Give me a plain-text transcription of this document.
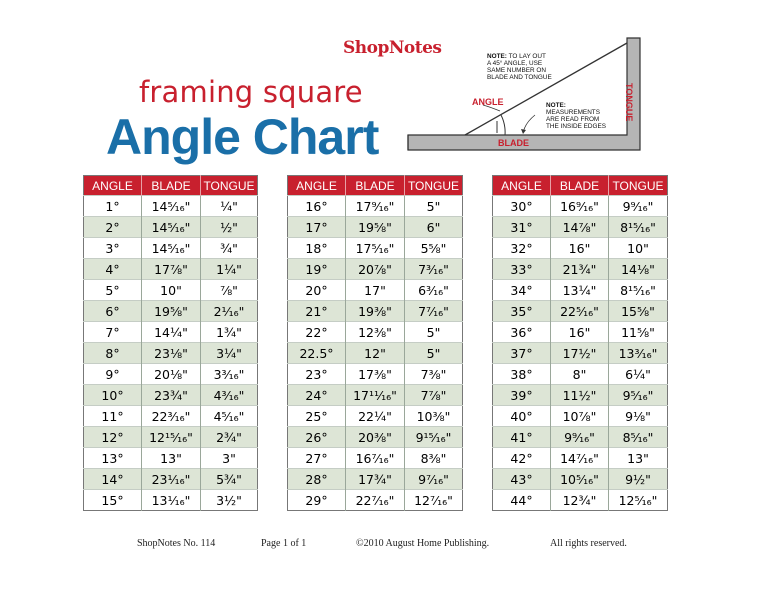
ShopNotes
framing square
Angle Chart
NOTE: TO LAY OUT
A 45° ANGLE, USE
SAME NUMBER ON
BLADE AND TONGUE
ANGLE	NOTE:
MEASUREMENTS
ARE READ FROM
THE INSIDE EDGES
BLADE
TONGUE
ANGLE	BLADE	TONGUE
1°	14⁵⁄₁₆"	¼"
2°	14⁵⁄₁₆"	½"
3°	14⁵⁄₁₆"	¾"
4°	17⅞"	1¼"
5°	10"	⅞"
6°	19⅝"	2¹⁄₁₆"
7°	14¼"	1¾"
8°	23⅛"	3¼"
9°	20⅛"	3³⁄₁₆"
10°	23¾"	4³⁄₁₆"
11°	22³⁄₁₆"	4⁵⁄₁₆"
12°	12¹⁵⁄₁₆"	2¾"
13°	13"	3"
14°	23¹⁄₁₆"	5¾"
15°	13¹⁄₁₆"	3½"
ANGLE	BLADE	TONGUE
16°	17⁹⁄₁₆"	5"
17°	19⅝"	6"
18°	17⁵⁄₁₆"	5⅝"
19°	20⅞"	7³⁄₁₆"
20°	17"	6³⁄₁₆"
21°	19⅜"	7⁷⁄₁₆"
22°	12⅜"	5"
22.5°	12"	5"
23°	17⅜"	7⅜"
24°	17¹¹⁄₁₆"	7⅞"
25°	22¼"	10⅜"
26°	20⅜"	9¹⁵⁄₁₆"
27°	16⁷⁄₁₆"	8⅜"
28°	17¾"	9⁷⁄₁₆"
29°	22⁷⁄₁₆"	12⁷⁄₁₆"
ANGLE	BLADE	TONGUE
30°	16⁹⁄₁₆"	9⁹⁄₁₆"
31°	14⅞"	8¹⁵⁄₁₆"
32°	16"	10"
33°	21¾"	14⅛"
34°	13¼"	8¹⁵⁄₁₆"
35°	22⁵⁄₁₆"	15⅝"
36°	16"	11⅝"
37°	17½"	13³⁄₁₆"
38°	8"	6¼"
39°	11½"	9⁵⁄₁₆"
40°	10⅞"	9⅛"
41°	9⁹⁄₁₆"	8⁵⁄₁₆"
42°	14⁷⁄₁₆"	13"
43°	10⁵⁄₁₆"	9½"
44°	12¾"	12⁵⁄₁₆"
ShopNotes No. 114	Page 1 of 1	©2010 August Home Publishing.	All rights reserved.
